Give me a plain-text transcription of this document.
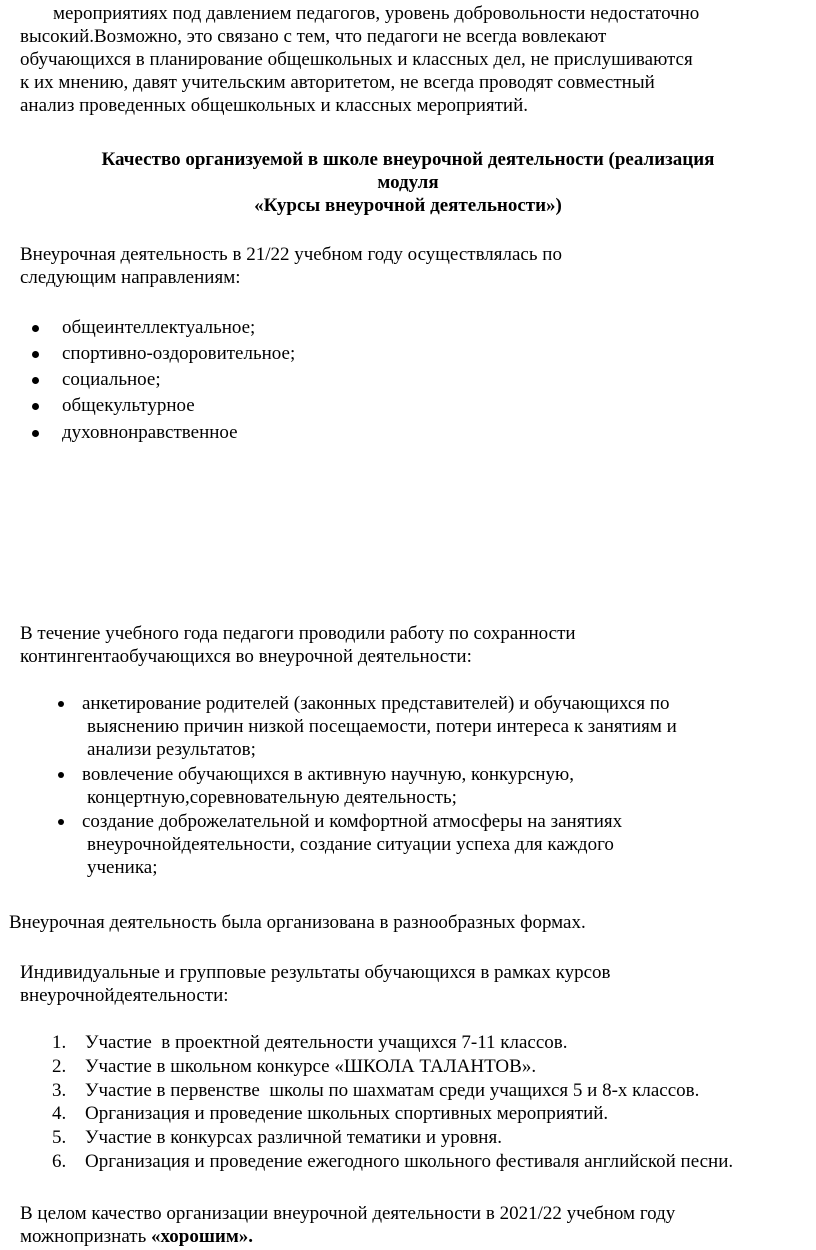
мероприятиях под давлением педагогов, уровень добровольности недостаточно
высокий.Возможно, это связано с тем, что педагоги не всегда вовлекают
обучающихся в планирование общешкольных и классных дел, не прислушиваются
к их мнению, давят учительским авторитетом, не всегда проводят совместный
анализ проведенных общешкольных и классных мероприятий.
Качество организуемой в школе внеурочной деятельности (реализация
модуля
«Курсы внеурочной деятельности»)
Внеурочная деятельность в 21/22 учебном году осуществлялась по
следующим направлениям:
общеинтеллектуальное;
спортивно-оздоровительное;
социальное;
общекультурное
духовнонравственное
В течение учебного года педагоги проводили работу по сохранности
контингентаобучающихся во внеурочной деятельности:
анкетирование родителей (законных представителей) и обучающихся по
выяснению причин низкой посещаемости, потери интереса к занятиям и
анализи результатов;
вовлечение обучающихся в активную научную, конкурсную,
концертную,соревновательную деятельность;
создание доброжелательной и комфортной атмосферы на занятиях
внеурочнойдеятельности, создание ситуации успеха для каждого
ученика;
Внеурочная деятельность была организована в разнообразных формах.
Индивидуальные и групповые результаты обучающихся в рамках курсов
внеурочнойдеятельности:
1. Участие  в проектной деятельности учащихся 7-11 классов.
2. Участие в школьном конкурсе «ШКОЛА ТАЛАНТОВ».
3. Участие в первенстве  школы по шахматам среди учащихся 5 и 8-х классов.
4. Организация и проведение школьных спортивных мероприятий.
5. Участие в конкурсах различной тематики и уровня.
6. Организация и проведение ежегодного школьного фестиваля английской песни.
В целом качество организации внеурочной деятельности в 2021/22 учебном году
можнопризнать «хорошим».
